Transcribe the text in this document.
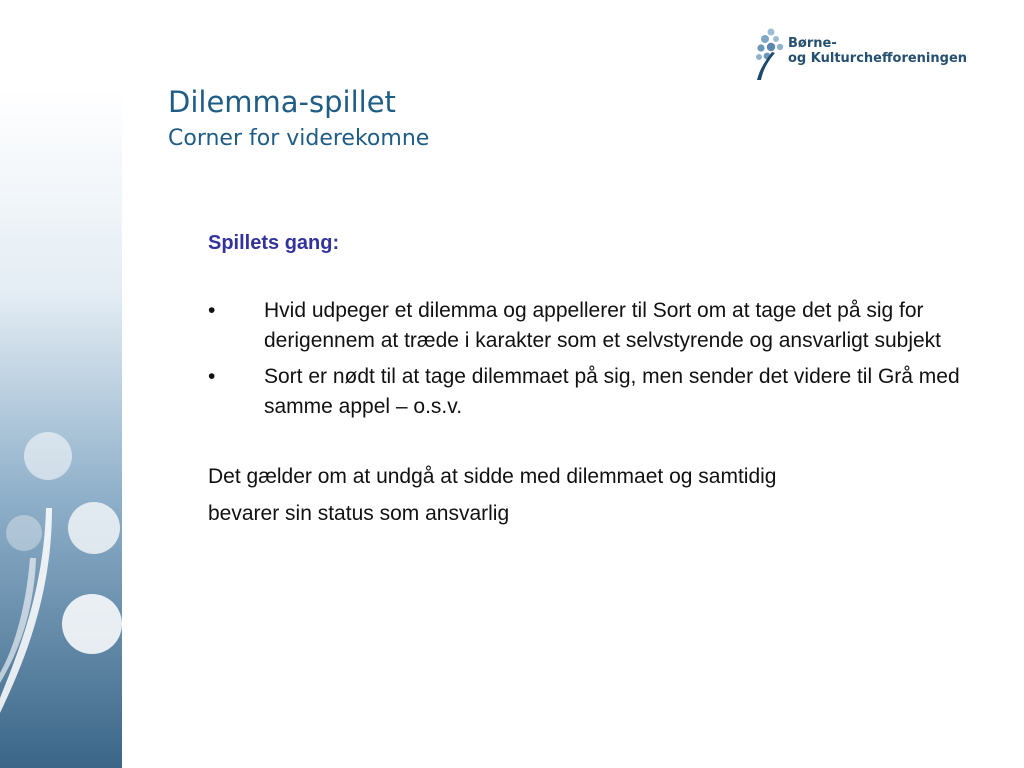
Børne-
og Kulturchefforeningen
Dilemma-spillet
Corner for viderekomne
Spillets gang:
• Hvid udpeger et dilemma og appellerer til Sort om at tage det på sig for derigennem at træde i karakter som et selvstyrende og ansvarligt subjekt
• Sort er nødt til at tage dilemmaet på sig, men sender det videre til Grå med samme appel – o.s.v.
Det gælder om at undgå at sidde med dilemmaet og samtidig
bevarer sin status som ansvarlig
